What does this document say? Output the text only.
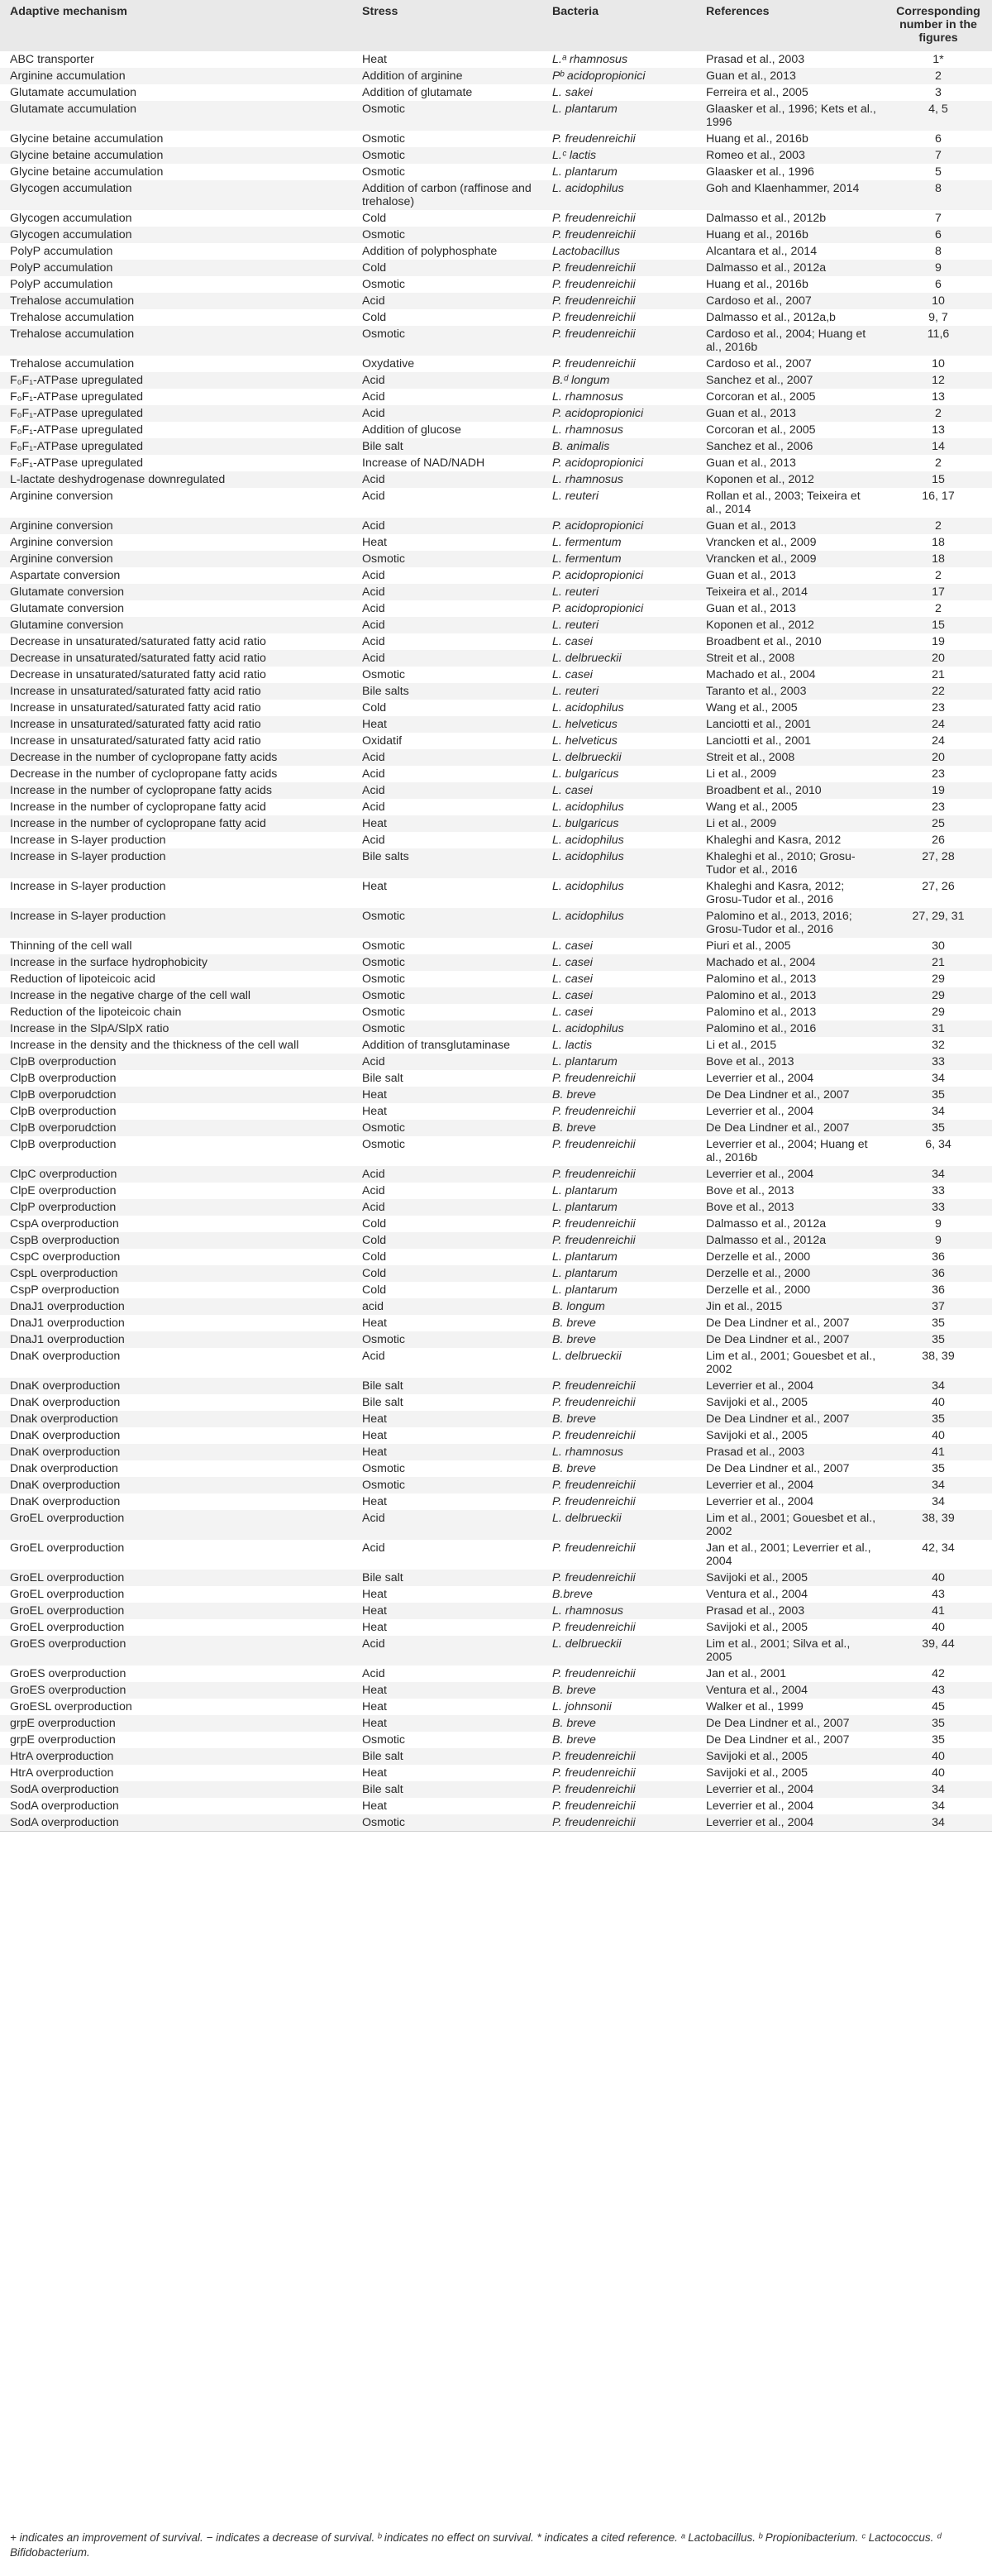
Adaptive mechanism	Stress	Bacteria	References	Corresponding number in the figures
ABC transporter	Heat	L.ᵃ rhamnosus	Prasad et al., 2003	1*
Arginine accumulation	Addition of arginine	Pᵇ acidopropionici	Guan et al., 2013	2
Glutamate accumulation	Addition of glutamate	L. sakei	Ferreira et al., 2005	3
Glutamate accumulation	Osmotic	L. plantarum	Glaasker et al., 1996; Kets et al., 1996	4, 5
Glycine betaine accumulation	Osmotic	P. freudenreichii	Huang et al., 2016b	6
Glycine betaine accumulation	Osmotic	L.ᶜ lactis	Romeo et al., 2003	7
Glycine betaine accumulation	Osmotic	L. plantarum	Glaasker et al., 1996	5
Glycogen accumulation	Addition of carbon (raffinose and trehalose)	L. acidophilus	Goh and Klaenhammer, 2014	8
Glycogen accumulation	Cold	P. freudenreichii	Dalmasso et al., 2012b	7
Glycogen accumulation	Osmotic	P. freudenreichii	Huang et al., 2016b	6
PolyP accumulation	Addition of polyphosphate	Lactobacillus	Alcantara et al., 2014	8
PolyP accumulation	Cold	P. freudenreichii	Dalmasso et al., 2012a	9
PolyP accumulation	Osmotic	P. freudenreichii	Huang et al., 2016b	6
Trehalose accumulation	Acid	P. freudenreichii	Cardoso et al., 2007	10
Trehalose accumulation	Cold	P. freudenreichii	Dalmasso et al., 2012a,b	9, 7
Trehalose accumulation	Osmotic	P. freudenreichii	Cardoso et al., 2004; Huang et al., 2016b	11,6
Trehalose accumulation	Oxydative	P. freudenreichii	Cardoso et al., 2007	10
F₀F₁-ATPase upregulated	Acid	B.ᵈ longum	Sanchez et al., 2007	12
F₀F₁-ATPase upregulated	Acid	L. rhamnosus	Corcoran et al., 2005	13
F₀F₁-ATPase upregulated	Acid	P. acidopropionici	Guan et al., 2013	2
F₀F₁-ATPase upregulated	Addition of glucose	L. rhamnosus	Corcoran et al., 2005	13
F₀F₁-ATPase upregulated	Bile salt	B. animalis	Sanchez et al., 2006	14
F₀F₁-ATPase upregulated	Increase of NAD/NADH	P. acidopropionici	Guan et al., 2013	2
L-lactate deshydrogenase downregulated	Acid	L. rhamnosus	Koponen et al., 2012	15
Arginine conversion	Acid	L. reuteri	Rollan et al., 2003; Teixeira et al., 2014	16, 17
Arginine conversion	Acid	P. acidopropionici	Guan et al., 2013	2
Arginine conversion	Heat	L. fermentum	Vrancken et al., 2009	18
Arginine conversion	Osmotic	L. fermentum	Vrancken et al., 2009	18
Aspartate conversion	Acid	P. acidopropionici	Guan et al., 2013	2
Glutamate conversion	Acid	L. reuteri	Teixeira et al., 2014	17
Glutamate conversion	Acid	P. acidopropionici	Guan et al., 2013	2
Glutamine conversion	Acid	L. reuteri	Koponen et al., 2012	15
Decrease in unsaturated/saturated fatty acid ratio	Acid	L. casei	Broadbent et al., 2010	19
Decrease in unsaturated/saturated fatty acid ratio	Acid	L. delbrueckii	Streit et al., 2008	20
Decrease in unsaturated/saturated fatty acid ratio	Osmotic	L. casei	Machado et al., 2004	21
Increase in unsaturated/saturated fatty acid ratio	Bile salts	L. reuteri	Taranto et al., 2003	22
Increase in unsaturated/saturated fatty acid ratio	Cold	L. acidophilus	Wang et al., 2005	23
Increase in unsaturated/saturated fatty acid ratio	Heat	L. helveticus	Lanciotti et al., 2001	24
Increase in unsaturated/saturated fatty acid ratio	Oxidatif	L. helveticus	Lanciotti et al., 2001	24
Decrease in the number of cyclopropane fatty acids	Acid	L. delbrueckii	Streit et al., 2008	20
Decrease in the number of cyclopropane fatty acids	Acid	L. bulgaricus	Li et al., 2009	23
Increase in the number of cyclopropane fatty acids	Acid	L. casei	Broadbent et al., 2010	19
Increase in the number of cyclopropane fatty acid	Acid	L. acidophilus	Wang et al., 2005	23
Increase in the number of cyclopropane fatty acid	Heat	L. bulgaricus	Li et al., 2009	25
Increase in S-layer production	Acid	L. acidophilus	Khaleghi and Kasra, 2012	26
Increase in S-layer production	Bile salts	L. acidophilus	Khaleghi et al., 2010; Grosu-Tudor et al., 2016	27, 28
Increase in S-layer production	Heat	L. acidophilus	Khaleghi and Kasra, 2012; Grosu-Tudor et al., 2016	27, 26
Increase in S-layer production	Osmotic	L. acidophilus	Palomino et al., 2013, 2016; Grosu-Tudor et al., 2016	27, 29, 31
Thinning of the cell wall	Osmotic	L. casei	Piuri et al., 2005	30
Increase in the surface hydrophobicity	Osmotic	L. casei	Machado et al., 2004	21
Reduction of lipoteicoic acid	Osmotic	L. casei	Palomino et al., 2013	29
Increase in the negative charge of the cell wall	Osmotic	L. casei	Palomino et al., 2013	29
Reduction of the lipoteicoic chain	Osmotic	L. casei	Palomino et al., 2013	29
Increase in the SlpA/SlpX ratio	Osmotic	L. acidophilus	Palomino et al., 2016	31
Increase in the density and the thickness of the cell wall	Addition of transglutaminase	L. lactis	Li et al., 2015	32
ClpB overproduction	Acid	L. plantarum	Bove et al., 2013	33
ClpB overproduction	Bile salt	P. freudenreichii	Leverrier et al., 2004	34
ClpB overporudction	Heat	B. breve	De Dea Lindner et al., 2007	35
ClpB overproduction	Heat	P. freudenreichii	Leverrier et al., 2004	34
ClpB overporudction	Osmotic	B. breve	De Dea Lindner et al., 2007	35
ClpB overproduction	Osmotic	P. freudenreichii	Leverrier et al., 2004; Huang et al., 2016b	6, 34
ClpC overproduction	Acid	P. freudenreichii	Leverrier et al., 2004	34
ClpE overproduction	Acid	L. plantarum	Bove et al., 2013	33
ClpP overproduction	Acid	L. plantarum	Bove et al., 2013	33
CspA overproduction	Cold	P. freudenreichii	Dalmasso et al., 2012a	9
CspB overproduction	Cold	P. freudenreichii	Dalmasso et al., 2012a	9
CspC overproduction	Cold	L. plantarum	Derzelle et al., 2000	36
CspL overproduction	Cold	L. plantarum	Derzelle et al., 2000	36
CspP overproduction	Cold	L. plantarum	Derzelle et al., 2000	36
DnaJ1 overproduction	acid	B. longum	Jin et al., 2015	37
DnaJ1 overproduction	Heat	B. breve	De Dea Lindner et al., 2007	35
DnaJ1 overproduction	Osmotic	B. breve	De Dea Lindner et al., 2007	35
DnaK overproduction	Acid	L. delbrueckii	Lim et al., 2001; Gouesbet et al., 2002	38, 39
DnaK overproduction	Bile salt	P. freudenreichii	Leverrier et al., 2004	34
DnaK overproduction	Bile salt	P. freudenreichii	Savijoki et al., 2005	40
Dnak overproduction	Heat	B. breve	De Dea Lindner et al., 2007	35
DnaK overproduction	Heat	P. freudenreichii	Savijoki et al., 2005	40
DnaK overproduction	Heat	L. rhamnosus	Prasad et al., 2003	41
Dnak overproduction	Osmotic	B. breve	De Dea Lindner et al., 2007	35
DnaK overproduction	Osmotic	P. freudenreichii	Leverrier et al., 2004	34
DnaK overproduction	Heat	P. freudenreichii	Leverrier et al., 2004	34
GroEL overproduction	Acid	L. delbrueckii	Lim et al., 2001; Gouesbet et al., 2002	38, 39
GroEL overproduction	Acid	P. freudenreichii	Jan et al., 2001; Leverrier et al., 2004	42, 34
GroEL overproduction	Bile salt	P. freudenreichii	Savijoki et al., 2005	40
GroEL overproduction	Heat	B.breve	Ventura et al., 2004	43
GroEL overproduction	Heat	L. rhamnosus	Prasad et al., 2003	41
GroEL overproduction	Heat	P. freudenreichii	Savijoki et al., 2005	40
GroES overproduction	Acid	L. delbrueckii	Lim et al., 2001; Silva et al., 2005	39, 44
GroES overproduction	Acid	P. freudenreichii	Jan et al., 2001	42
GroES overproduction	Heat	B. breve	Ventura et al., 2004	43
GroESL overproduction	Heat	L. johnsonii	Walker et al., 1999	45
grpE overproduction	Heat	B. breve	De Dea Lindner et al., 2007	35
grpE overproduction	Osmotic	B. breve	De Dea Lindner et al., 2007	35
HtrA overproduction	Bile salt	P. freudenreichii	Savijoki et al., 2005	40
HtrA overproduction	Heat	P. freudenreichii	Savijoki et al., 2005	40
SodA overproduction	Bile salt	P. freudenreichii	Leverrier et al., 2004	34
SodA overproduction	Heat	P. freudenreichii	Leverrier et al., 2004	34
SodA overproduction	Osmotic	P. freudenreichii	Leverrier et al., 2004	34
+ indicates an improvement of survival. − indicates a decrease of survival. ᵇ indicates no effect on survival. * indicates a cited reference. ᵃ Lactobacillus. ᵇ Propionibacterium. ᶜ Lactococcus. ᵈ Bifidobacterium.
